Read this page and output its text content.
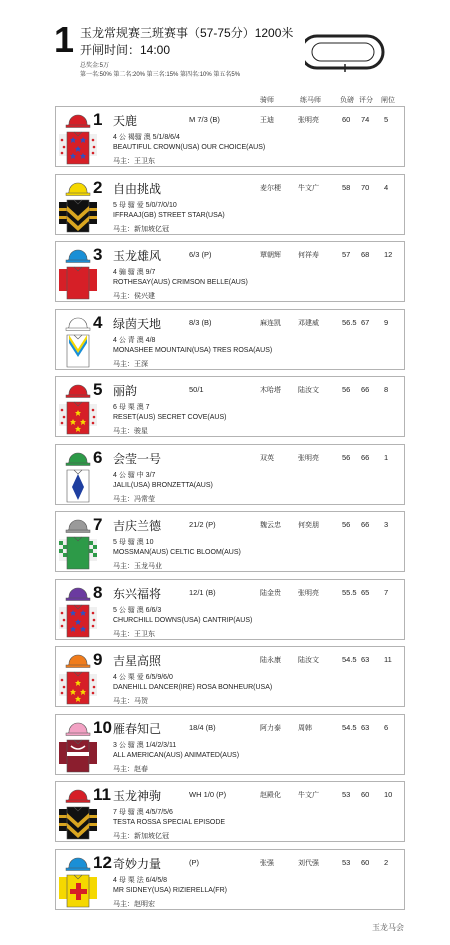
1 玉龙常规赛三班赛事（57-75分）1200米
开闸时间：14:00
总奖金:5万
第一名:50% 第二名:20% 第三名:15% 第四名:10% 第五名5%
骑师	练马师	负磅 评分 闸位
1 天鹿	M 7/3 (B)	王迪	张明亮	60 74 5
4 公 褐骝 澳 5/1/8/6/4
BEAUTIFUL CROWN(USA) OUR CHOICE(AUS)
马主：王卫东
2 自由挑战	麦尔梗 牛文广	58 70 4
5 母 骝 爱 5/0/7/0/10
IFFRAAJ(GB) STREET STAR(USA)
马主：新加坡亿冠
3 玉龙雄风	6/3 (P)	覃朝辉 何祥寿	57 68 12
4 骟 骝 澳 9/7
ROTHESAY(AUS) CRIMSON BELLE(AUS)
马主：侯兴建
4 绿茵天地	8/3 (B)	麻连凯 邓建威	56.5 67 9
4 公 青 澳 4/8
MONASHEE MOUNTAIN(USA) TRES ROSA(AUS)
马主：王深
5 丽韵	50/1	木哈塔 陆汝文	56 66 8
6 母 栗 澳 7
RESET(AUS) SECRET COVE(AUS)
马主：骏星
6 会莹一号	双英	张明亮	56 66 1
4 公 骝 中 3/7
JALIL(USA) BRONZETTA(AUS)
马主：冯常莹
7 吉庆兰德	21/2 (P)	魏云忠 何奕朋	56 66 3
5 母 骝 澳 10
MOSSMAN(AUS) CELTIC BLOOM(AUS)
马主：玉龙马业
8 东兴福将	12/1 (B)	陆金贵 张明亮	55.5 65 7
5 公 骝 澳 6/6/3
CHURCHILL DOWNS(USA) CANTRIP(AUS)
马主：王卫东
9 吉星高照	陆永康 陆汝文	54.5 63 11
4 公 栗 爱 6/5/9/6/0
DANEHILL DANCER(IRE) ROSA BONHEUR(USA)
马主：马贺
10 雁春知己	18/4 (B)	阿力泰 周韩	54.5 63 6
3 公 骝 澳 1/4/2/3/11
ALL AMERICAN(AUS) ANIMATED(AUS)
马主：赵春
11 玉龙神驹	WH 1/0 (P)	赵殿化 牛文广	53 60 10
7 母 骝 澳 4/5/7/5/6
TESTA ROSSA SPECIAL EPISODE
马主：新加坡亿冠
12 奇妙力量	(P)	张强	刘代强	53 60 2
4 母 栗 法 6/4/5/8
MR SIDNEY(USA) RIZIERELLA(FR)
马主：赵明宏
玉龙马会
